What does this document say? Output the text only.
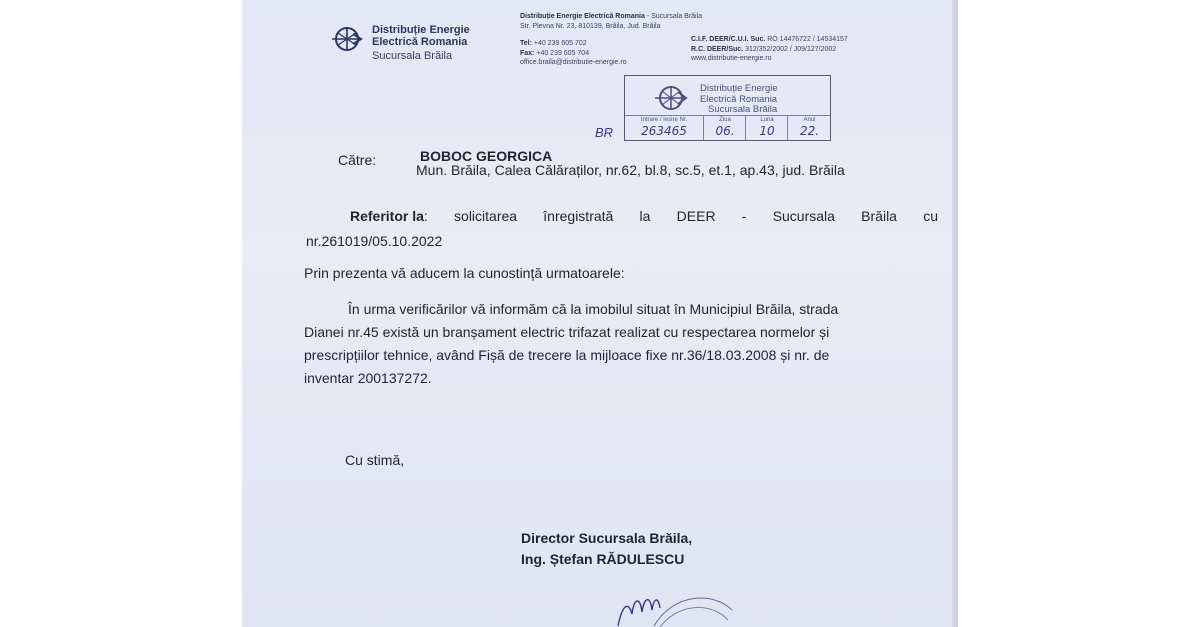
Distribuție Energie
Electrică Romania
Sucursala Brăila
Distribuție Energie Electrică Romania - Sucursala Brăila
Str. Plevna Nr. 23, 810139, Brăila, Jud. Brăila
Tel: +40 239 605 702
Fax: +40 239 605 704
office.braila@distributie-energie.ro
C.I.F. DEER/C.U.I. Suc. RO 14476722 / 14534157
R.C. DEER/Suc. 312/352/2002 / J09/127/2002
www.distributie-energie.ro
Distribuție Energie
Electrică Romania
Sucursala Brăila
Intrare / Ieșire Nr.
263465
Ziua
06.
Luna
10
Anul
22.
BR
Către:	BOBOC GEORGICA
Mun. Brăila, Calea Călăraților, nr.62, bl.8, sc.5, et.1, ap.43, jud. Brăila
Referitor la: solicitarea înregistrată la DEER - Sucursala Brăila cu
nr.261019/05.10.2022
Prin prezenta vă aducem la cunostință urmatoarele:
În urma verificărilor vă informăm că la imobilul situat în Municipiul Brăila, strada
Dianei nr.45 există un branșament electric trifazat realizat cu respectarea normelor și
prescripțiilor tehnice, având Fișă de trecere la mijloace fixe nr.36/18.03.2008 și nr. de
inventar 200137272.
Cu stimă,
Director Sucursala Brăila,
Ing. Ștefan RĂDULESCU
